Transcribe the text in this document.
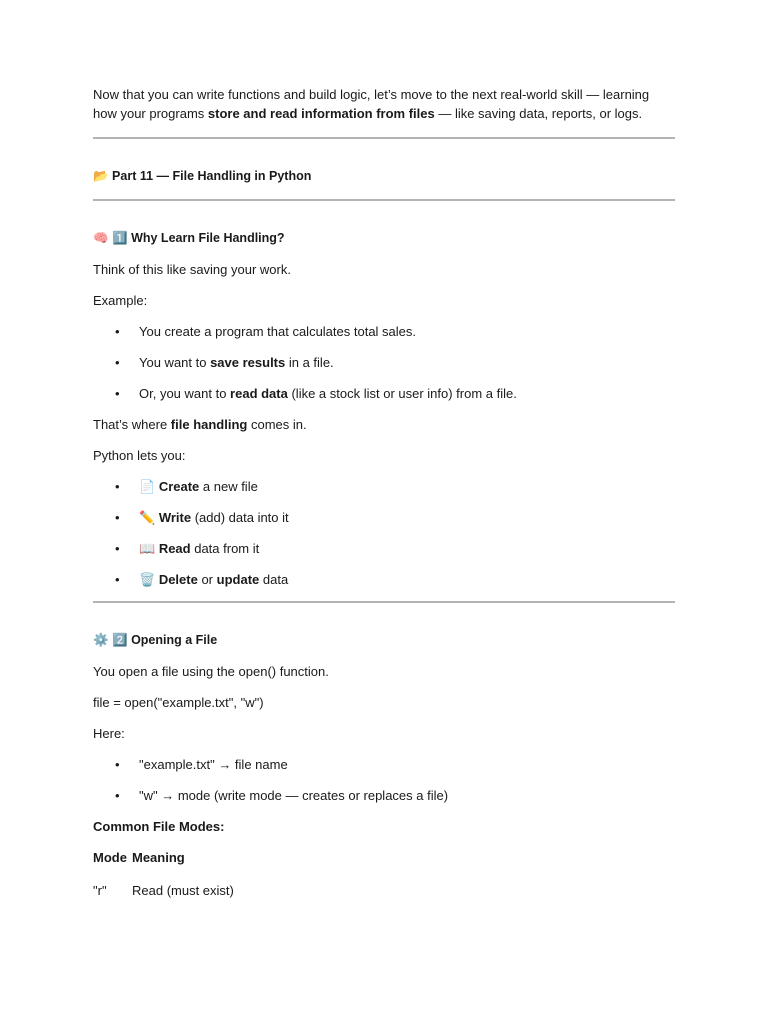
Now that you can write functions and build logic, let’s move to the next real-world skill — learning how your programs store and read information from files — like saving data, reports, or logs.

📂 Part 11 — File Handling in Python

🧠 1️⃣ Why Learn File Handling?

Think of this like saving your work.

Example:

• You create a program that calculates total sales.
• You want to save results in a file.
• Or, you want to read data (like a stock list or user info) from a file.

That’s where file handling comes in.

Python lets you:

• 📄 Create a new file
• ✏️ Write (add) data into it
• 📖 Read data from it
• 🗑️ Delete or update data

⚙️ 2️⃣ Opening a File

You open a file using the open() function.

file = open("example.txt", "w")

Here:

• "example.txt" → file name
• "w" → mode (write mode — creates or replaces a file)

Common File Modes:

Mode	Meaning
"r"	Read (must exist)
